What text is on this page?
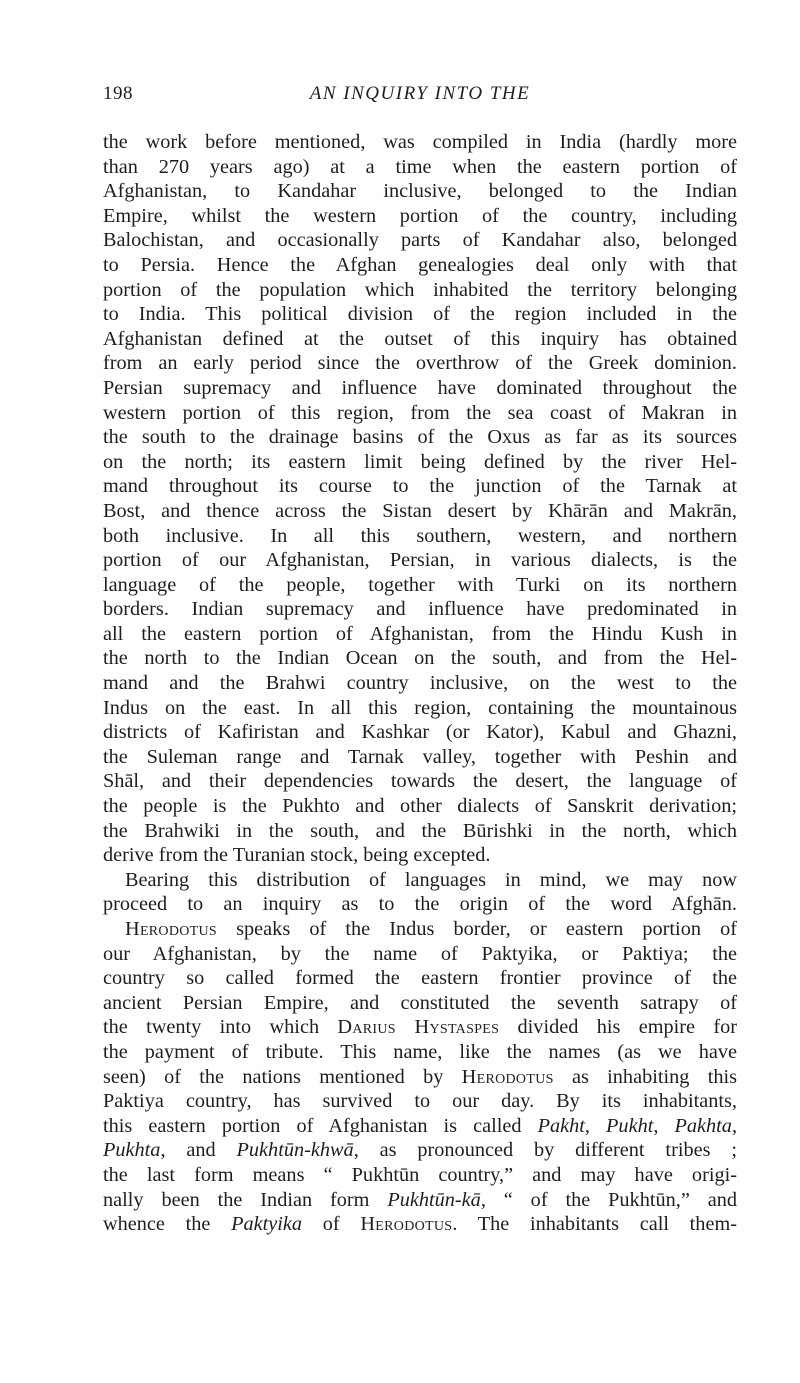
198	AN INQUIRY INTO THE
the work before mentioned, was compiled in India (hardly more
than 270 years ago) at a time when the eastern portion of
Afghanistan, to Kandahar inclusive, belonged to the Indian
Empire, whilst the western portion of the country, including
Balochistan, and occasionally parts of Kandahar also, belonged
to Persia. Hence the Afghan genealogies deal only with that
portion of the population which inhabited the territory belonging
to India. This political division of the region included in the
Afghanistan defined at the outset of this inquiry has obtained
from an early period since the overthrow of the Greek dominion.
Persian supremacy and influence have dominated throughout the
western portion of this region, from the sea coast of Makran in
the south to the drainage basins of the Oxus as far as its sources
on the north; its eastern limit being defined by the river Hel-
mand throughout its course to the junction of the Tarnak at
Bost, and thence across the Sistan desert by Khārān and Makrān,
both inclusive. In all this southern, western, and northern
portion of our Afghanistan, Persian, in various dialects, is the
language of the people, together with Turki on its northern
borders. Indian supremacy and influence have predominated in
all the eastern portion of Afghanistan, from the Hindu Kush in
the north to the Indian Ocean on the south, and from the Hel-
mand and the Brahwi country inclusive, on the west to the
Indus on the east. In all this region, containing the mountainous
districts of Kafiristan and Kashkar (or Kator), Kabul and Ghazni,
the Suleman range and Tarnak valley, together with Peshin and
Shāl, and their dependencies towards the desert, the language of
the people is the Pukhto and other dialects of Sanskrit derivation;
the Brahwiki in the south, and the Būrishki in the north, which
derive from the Turanian stock, being excepted.
Bearing this distribution of languages in mind, we may now
proceed to an inquiry as to the origin of the word Afghān.
Herodotus speaks of the Indus border, or eastern portion of
our Afghanistan, by the name of Paktyika, or Paktiya; the
country so called formed the eastern frontier province of the
ancient Persian Empire, and constituted the seventh satrapy of
the twenty into which Darius Hystaspes divided his empire for
the payment of tribute. This name, like the names (as we have
seen) of the nations mentioned by Herodotus as inhabiting this
Paktiya country, has survived to our day. By its inhabitants,
this eastern portion of Afghanistan is called Pakht, Pukht, Pakhta,
Pukhta, and Pukhtūn-khwā, as pronounced by different tribes ;
the last form means “ Pukhtūn country,” and may have origi-
nally been the Indian form Pukhtūn-kā, “ of the Pukhtūn,” and
whence the Paktyika of Herodotus. The inhabitants call them-
